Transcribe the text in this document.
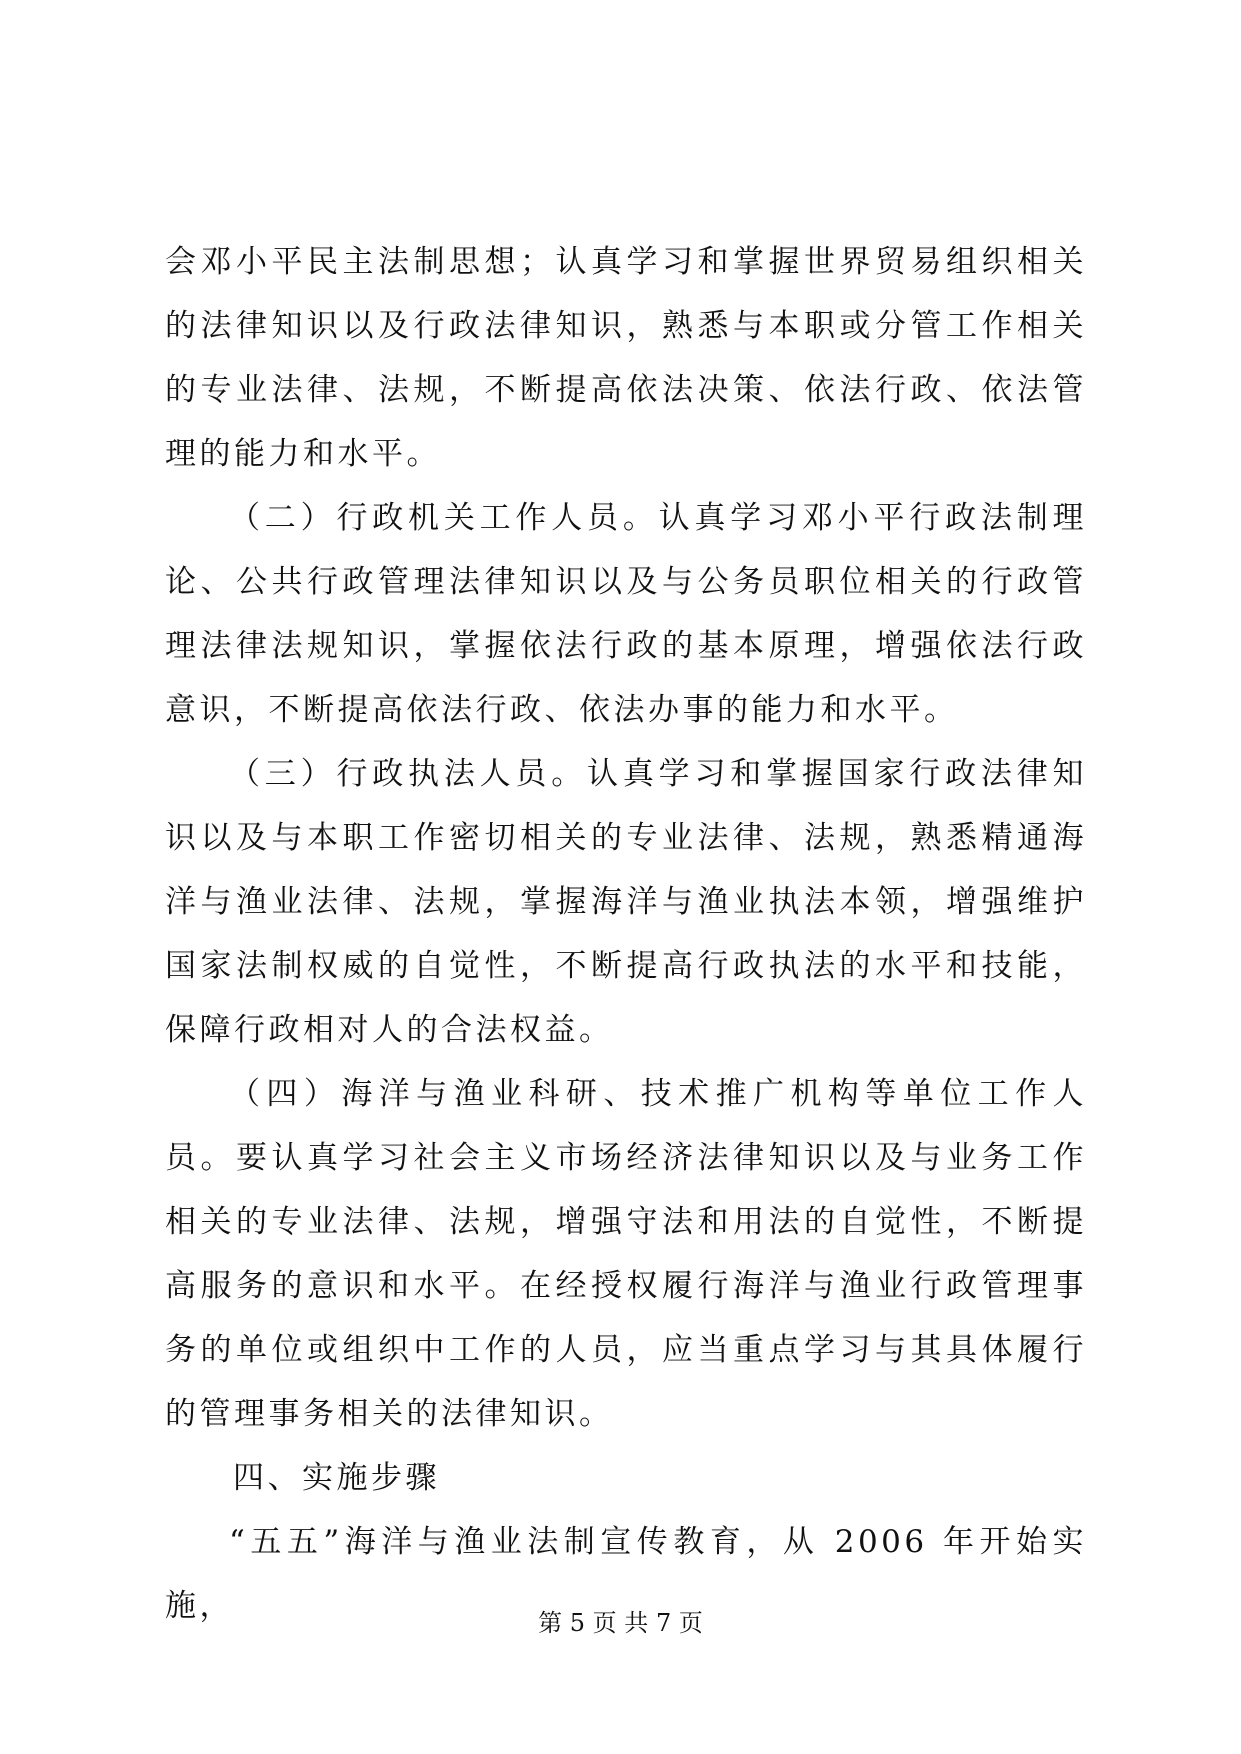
会邓小平民主法制思想；认真学习和掌握世界贸易组织相关的法律知识以及行政法律知识，熟悉与本职或分管工作相关的专业法律、法规，不断提高依法决策、依法行政、依法管理的能力和水平。

（二）行政机关工作人员。认真学习邓小平行政法制理论、公共行政管理法律知识以及与公务员职位相关的行政管理法律法规知识，掌握依法行政的基本原理，增强依法行政意识，不断提高依法行政、依法办事的能力和水平。

（三）行政执法人员。认真学习和掌握国家行政法律知识以及与本职工作密切相关的专业法律、法规，熟悉精通海洋与渔业法律、法规，掌握海洋与渔业执法本领，增强维护国家法制权威的自觉性，不断提高行政执法的水平和技能，保障行政相对人的合法权益。

（四）海洋与渔业科研、技术推广机构等单位工作人员。要认真学习社会主义市场经济法律知识以及与业务工作相关的专业法律、法规，增强守法和用法的自觉性，不断提高服务的意识和水平。在经授权履行海洋与渔业行政管理事务的单位或组织中工作的人员，应当重点学习与其具体履行的管理事务相关的法律知识。

四、实施步骤

“五五”海洋与渔业法制宣传教育，从 2006 年开始实施，	第 5 页 共 7 页
